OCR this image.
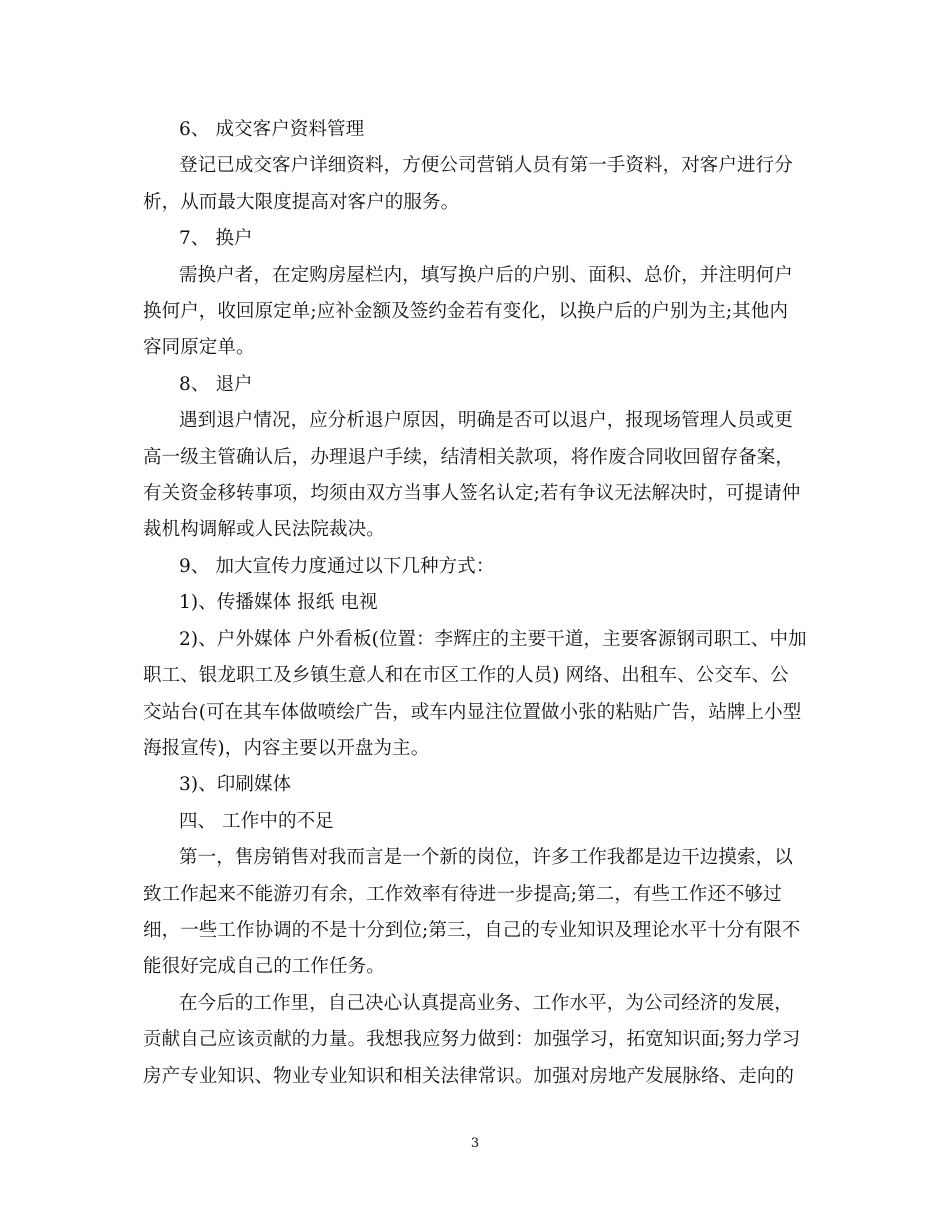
6、 成交客户资料管理

登记已成交客户详细资料，方便公司营销人员有第一手资料，对客户进行分

析，从而最大限度提高对客户的服务。

7、 换户

需换户者，在定购房屋栏内，填写换户后的户别、面积、总价，并注明何户

换何户，收回原定单;应补金额及签约金若有变化，以换户后的户别为主;其他内

容同原定单。

8、 退户

遇到退户情况，应分析退户原因，明确是否可以退户，报现场管理人员或更

高一级主管确认后，办理退户手续，结清相关款项，将作废合同收回留存备案，

有关资金移转事项，均须由双方当事人签名认定;若有争议无法解决时，可提请仲

裁机构调解或人民法院裁决。

9、 加大宣传力度通过以下几种方式：

1)、传播媒体 报纸 电视

2)、户外媒体 户外看板(位置：李辉庄的主要干道，主要客源钢司职工、中加

职工、银龙职工及乡镇生意人和在市区工作的人员) 网络、出租车、公交车、公

交站台(可在其车体做喷绘广告，或车内显注位置做小张的粘贴广告，站牌上小型

海报宣传)，内容主要以开盘为主。

3)、印刷媒体

四、 工作中的不足

第一，售房销售对我而言是一个新的岗位，许多工作我都是边干边摸索，以

致工作起来不能游刃有余，工作效率有待进一步提高;第二，有些工作还不够过

细，一些工作协调的不是十分到位;第三，自己的专业知识及理论水平十分有限不

能很好完成自己的工作任务。

在今后的工作里，自己决心认真提高业务、工作水平，为公司经济的发展，

贡献自己应该贡献的力量。我想我应努力做到：加强学习，拓宽知识面;努力学习

房产专业知识、物业专业知识和相关法律常识。加强对房地产发展脉络、走向的

3
